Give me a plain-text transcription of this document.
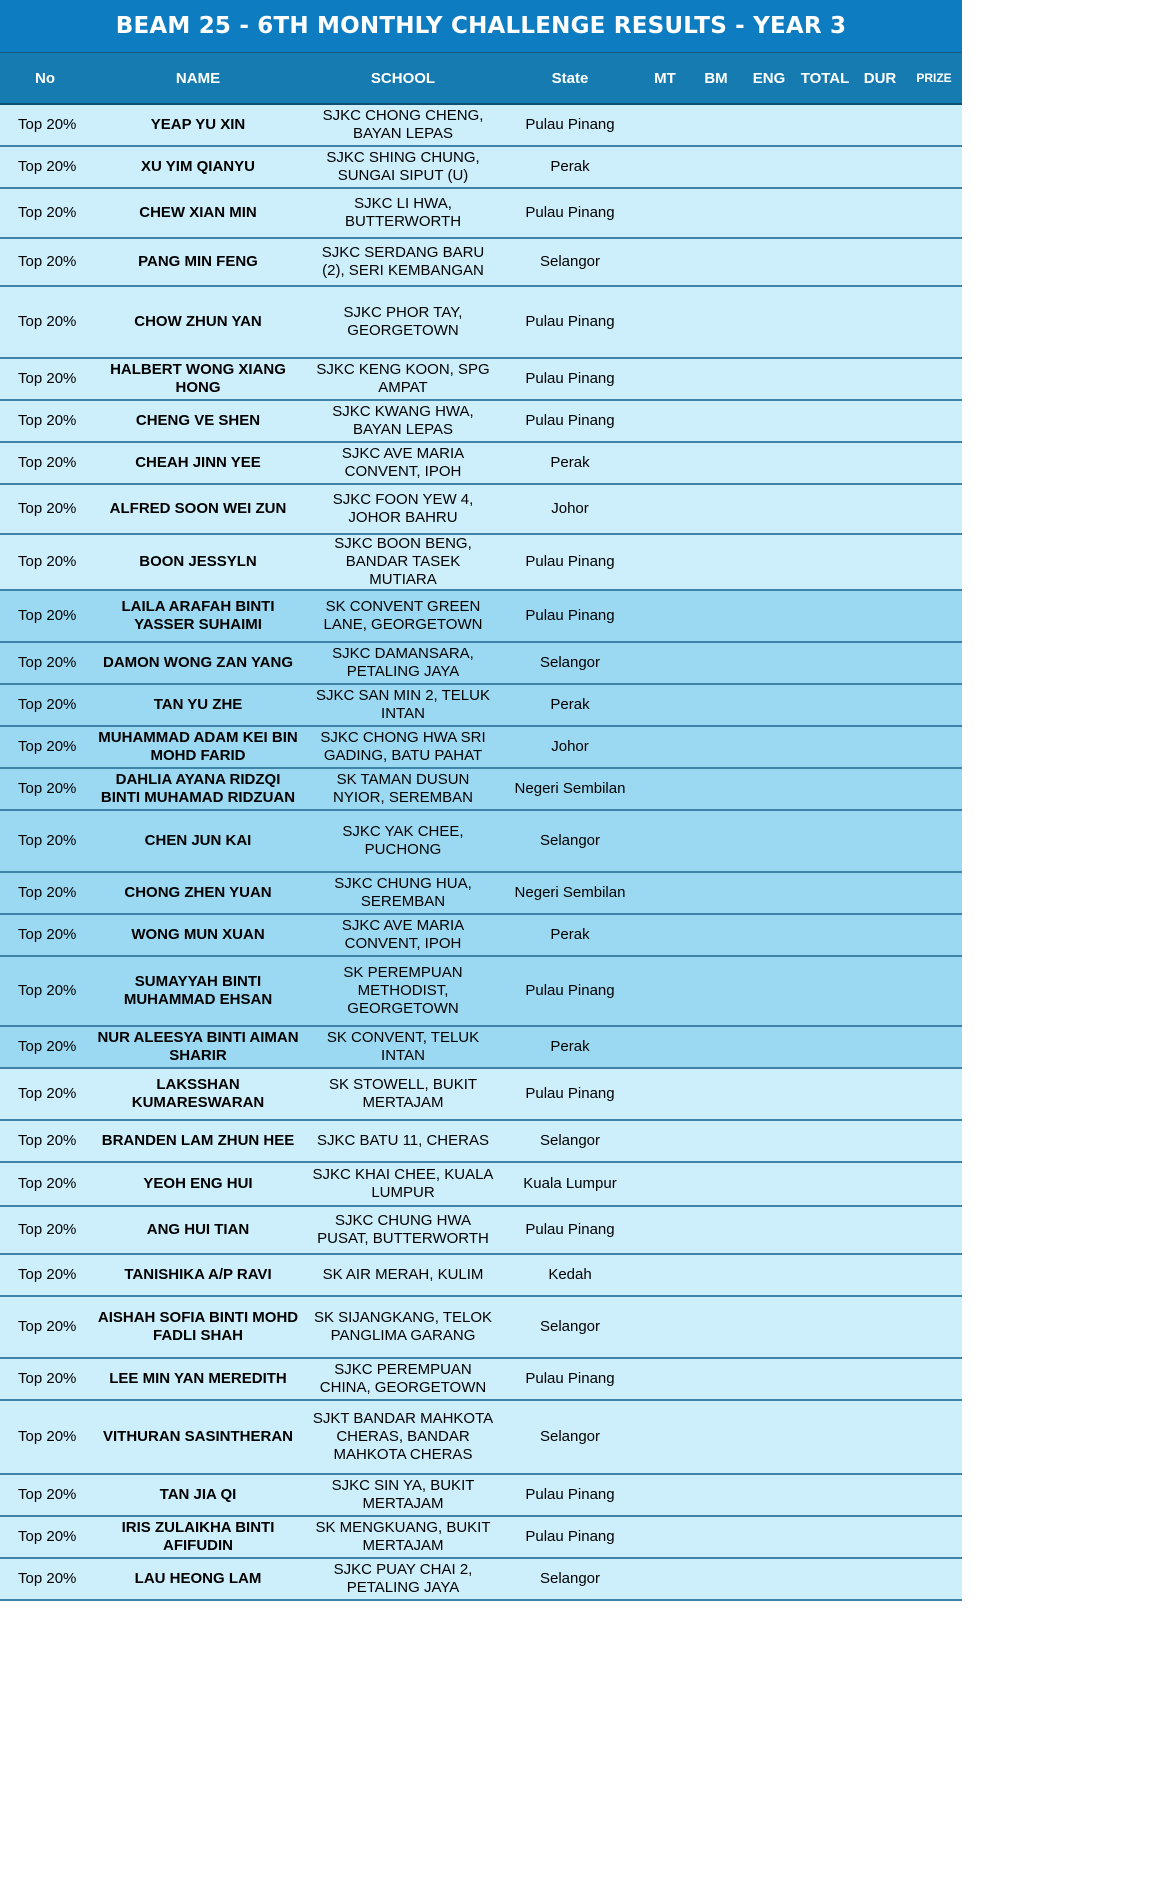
BEAM 25 - 6TH MONTHLY CHALLENGE RESULTS - YEAR 3
No	NAME	SCHOOL	State	MT	BM	ENG	TOTAL	DUR	PRIZE
Top 20%	YEAP YU XIN	SJKC CHONG CHENG, BAYAN LEPAS	Pulau Pinang						
Top 20%	XU YIM QIANYU	SJKC SHING CHUNG, SUNGAI SIPUT (U)	Perak						
Top 20%	CHEW XIAN MIN	SJKC LI HWA, BUTTERWORTH	Pulau Pinang						
Top 20%	PANG MIN FENG	SJKC SERDANG BARU (2), SERI KEMBANGAN	Selangor						
Top 20%	CHOW ZHUN YAN	SJKC PHOR TAY, GEORGETOWN	Pulau Pinang						
Top 20%	HALBERT WONG XIANG HONG	SJKC KENG KOON, SPG AMPAT	Pulau Pinang						
Top 20%	CHENG VE SHEN	SJKC KWANG HWA, BAYAN LEPAS	Pulau Pinang						
Top 20%	CHEAH JINN YEE	SJKC AVE MARIA CONVENT, IPOH	Perak						
Top 20%	ALFRED SOON WEI ZUN	SJKC FOON YEW 4, JOHOR BAHRU	Johor						
Top 20%	BOON JESSYLN	SJKC BOON BENG, BANDAR TASEK MUTIARA	Pulau Pinang						
Top 20%	LAILA ARAFAH BINTI YASSER SUHAIMI	SK CONVENT GREEN LANE, GEORGETOWN	Pulau Pinang						
Top 20%	DAMON WONG ZAN YANG	SJKC DAMANSARA, PETALING JAYA	Selangor						
Top 20%	TAN YU ZHE	SJKC SAN MIN 2, TELUK INTAN	Perak						
Top 20%	MUHAMMAD ADAM KEI BIN MOHD FARID	SJKC CHONG HWA SRI GADING, BATU PAHAT	Johor						
Top 20%	DAHLIA AYANA RIDZQI BINTI MUHAMAD RIDZUAN	SK TAMAN DUSUN NYIOR, SEREMBAN	Negeri Sembilan						
Top 20%	CHEN JUN KAI	SJKC YAK CHEE, PUCHONG	Selangor						
Top 20%	CHONG ZHEN YUAN	SJKC CHUNG HUA, SEREMBAN	Negeri Sembilan						
Top 20%	WONG MUN XUAN	SJKC AVE MARIA CONVENT, IPOH	Perak						
Top 20%	SUMAYYAH BINTI MUHAMMAD EHSAN	SK PEREMPUAN METHODIST, GEORGETOWN	Pulau Pinang						
Top 20%	NUR ALEESYA BINTI AIMAN SHARIR	SK CONVENT, TELUK INTAN	Perak						
Top 20%	LAKSSHAN KUMARESWARAN	SK STOWELL, BUKIT MERTAJAM	Pulau Pinang						
Top 20%	BRANDEN LAM ZHUN HEE	SJKC BATU 11, CHERAS	Selangor						
Top 20%	YEOH ENG HUI	SJKC KHAI CHEE, KUALA LUMPUR	Kuala Lumpur						
Top 20%	ANG HUI TIAN	SJKC CHUNG HWA PUSAT, BUTTERWORTH	Pulau Pinang						
Top 20%	TANISHIKA A/P RAVI	SK AIR MERAH, KULIM	Kedah						
Top 20%	AISHAH SOFIA BINTI MOHD FADLI SHAH	SK SIJANGKANG, TELOK PANGLIMA GARANG	Selangor						
Top 20%	LEE MIN YAN MEREDITH	SJKC PEREMPUAN CHINA, GEORGETOWN	Pulau Pinang						
Top 20%	VITHURAN SASINTHERAN	SJKT BANDAR MAHKOTA CHERAS, BANDAR MAHKOTA CHERAS	Selangor						
Top 20%	TAN JIA QI	SJKC SIN YA, BUKIT MERTAJAM	Pulau Pinang						
Top 20%	IRIS ZULAIKHA BINTI AFIFUDIN	SK MENGKUANG, BUKIT MERTAJAM	Pulau Pinang						
Top 20%	LAU HEONG LAM	SJKC PUAY CHAI 2, PETALING JAYA	Selangor						
